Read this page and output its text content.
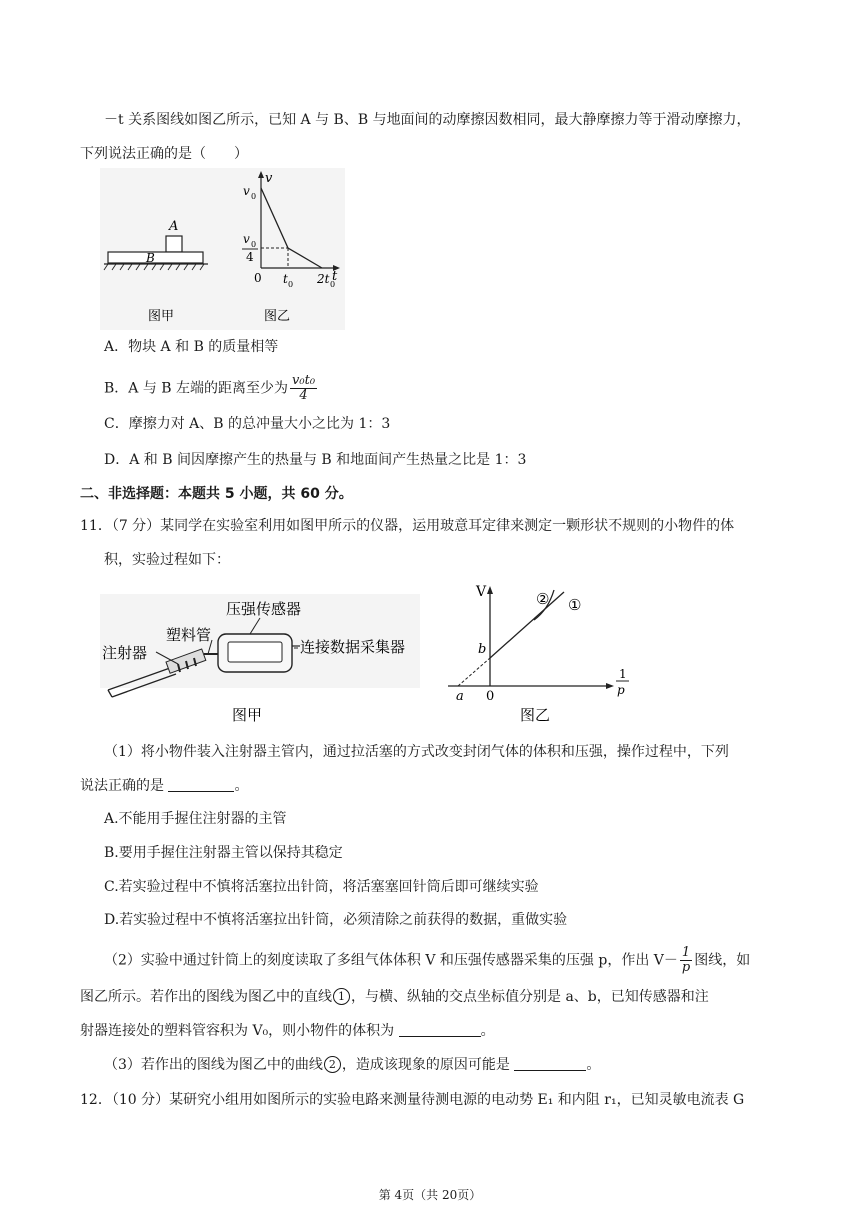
－t 关系图线如图乙所示，已知 A 与 B、B 与地面间的动摩擦因数相同，最大静摩擦力等于滑动摩擦力，
下列说法正确的是（　　）
A
B
v
t
v 0
v 0
4
0 t 0 2t 0
图甲	图乙
A．物块 A 和 B 的质量相等
B．A 与 B 左端的距离至少为 $\frac{\text{v₀t₀}}{4}$
C．摩擦力对 A、B 的总冲量大小之比为 1：3
D．A 和 B 间因摩擦产生的热量与 B 和地面间产生热量之比是 1：3
二、非选择题：本题共 5 小题，共 60 分。
11．（7 分）某同学在实验室利用如图甲所示的仪器，运用玻意耳定律来测定一颗形状不规则的小物件的体
积，实验过程如下：
压强传感器
塑料管
注射器	连接数据采集器
图甲
V
b
a 0
1
p
①
②
图乙
（1）将小物件装入注射器主管内，通过拉活塞的方式改变封闭气体的体积和压强，操作过程中，下列
说法正确的是	。
A.不能用手握住注射器的主管
B.要用手握住注射器主管以保持其稳定
C.若实验过程中不慎将活塞拉出针筒，将活塞塞回针筒后即可继续实验
D.若实验过程中不慎将活塞拉出针筒，必须清除之前获得的数据，重做实验
（2）实验中通过针筒上的刻度读取了多组气体体积 V 和压强传感器采集的压强 p，作出 $V- \frac{1}{p}$ 图线，如
图乙所示。若作出的图线为图乙中的直线 1 ，与横、纵轴的交点坐标值分别是 a、b，已知传感器和注
射器连接处的塑料管容积为 V₀，则小物件的体积为	。
（3）若作出的图线为图乙中的曲线 2 ，造成该现象的原因可能是	。
12．（10 分）某研究小组用如图所示的实验电路来测量待测电源的电动势 E₁ 和内阻 r₁，已知灵敏电流表 G
第 4页（共 20页）
